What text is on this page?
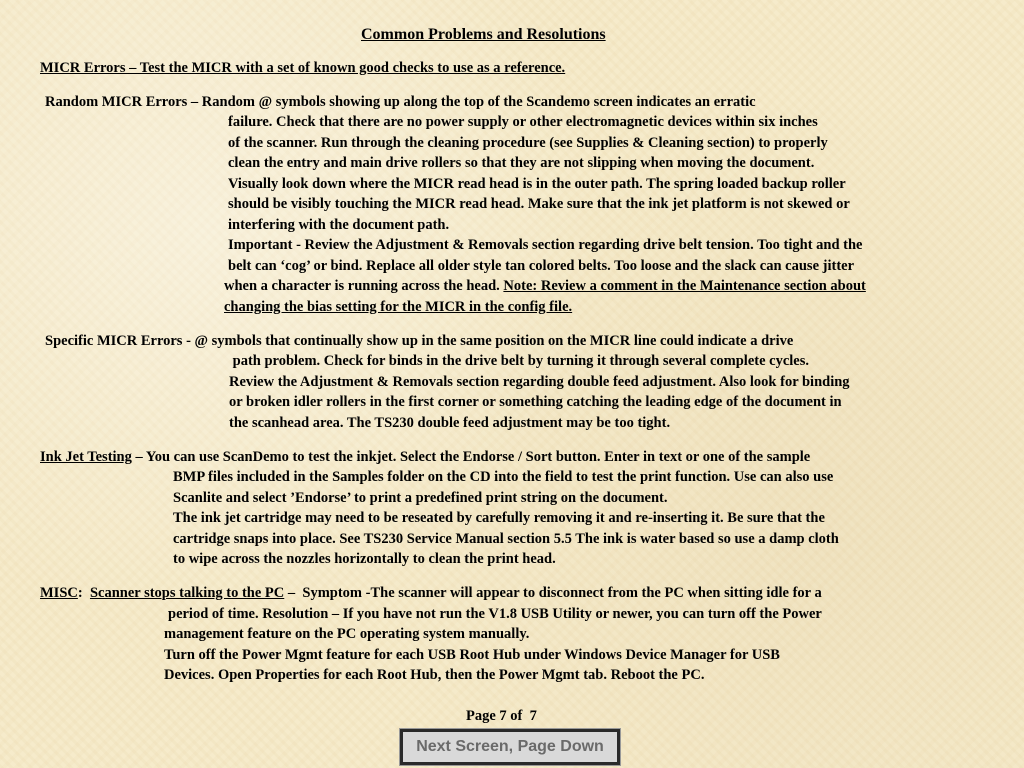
Common Problems and Resolutions
MICR Errors – Test the MICR with a set of known good checks to use as a reference.
Random MICR Errors – Random @ symbols showing up along the top of the Scandemo screen indicates an erratic
failure. Check that there are no power supply or other electromagnetic devices within six inches
of the scanner. Run through the cleaning procedure (see Supplies & Cleaning section) to properly
clean the entry and main drive rollers so that they are not slipping when moving the document.
Visually look down where the MICR read head is in the outer path. The spring loaded backup roller
should be visibly touching the MICR read head. Make sure that the ink jet platform is not skewed or
interfering with the document path.
Important - Review the Adjustment & Removals section regarding drive belt tension. Too tight and the
belt can ‘cog’ or bind. Replace all older style tan colored belts. Too loose and the slack can cause jitter
when a character is running across the head. Note: Review a comment in the Maintenance section about
changing the bias setting for the MICR in the config file.
Specific MICR Errors - @ symbols that continually show up in the same position on the MICR line could indicate a drive
path problem. Check for binds in the drive belt by turning it through several complete cycles.
Review the Adjustment & Removals section regarding double feed adjustment. Also look for binding
or broken idler rollers in the first corner or something catching the leading edge of the document in
the scanhead area. The TS230 double feed adjustment may be too tight.
Ink Jet Testing – You can use ScanDemo to test the inkjet. Select the Endorse / Sort button. Enter in text or one of the sample
BMP files included in the Samples folder on the CD into the field to test the print function. Use can also use
Scanlite and select ’Endorse’ to print a predefined print string on the document.
The ink jet cartridge may need to be reseated by carefully removing it and re-inserting it. Be sure that the
cartridge snaps into place. See TS230 Service Manual section 5.5 The ink is water based so use a damp cloth
to wipe across the nozzles horizontally to clean the print head.
MISC:  Scanner stops talking to the PC –  Symptom -The scanner will appear to disconnect from the PC when sitting idle for a
period of time. Resolution – If you have not run the V1.8 USB Utility or newer, you can turn off the Power
management feature on the PC operating system manually.
Turn off the Power Mgmt feature for each USB Root Hub under Windows Device Manager for USB
Devices. Open Properties for each Root Hub, then the Power Mgmt tab. Reboot the PC.
Page 7 of  7
Next Screen, Page Down
